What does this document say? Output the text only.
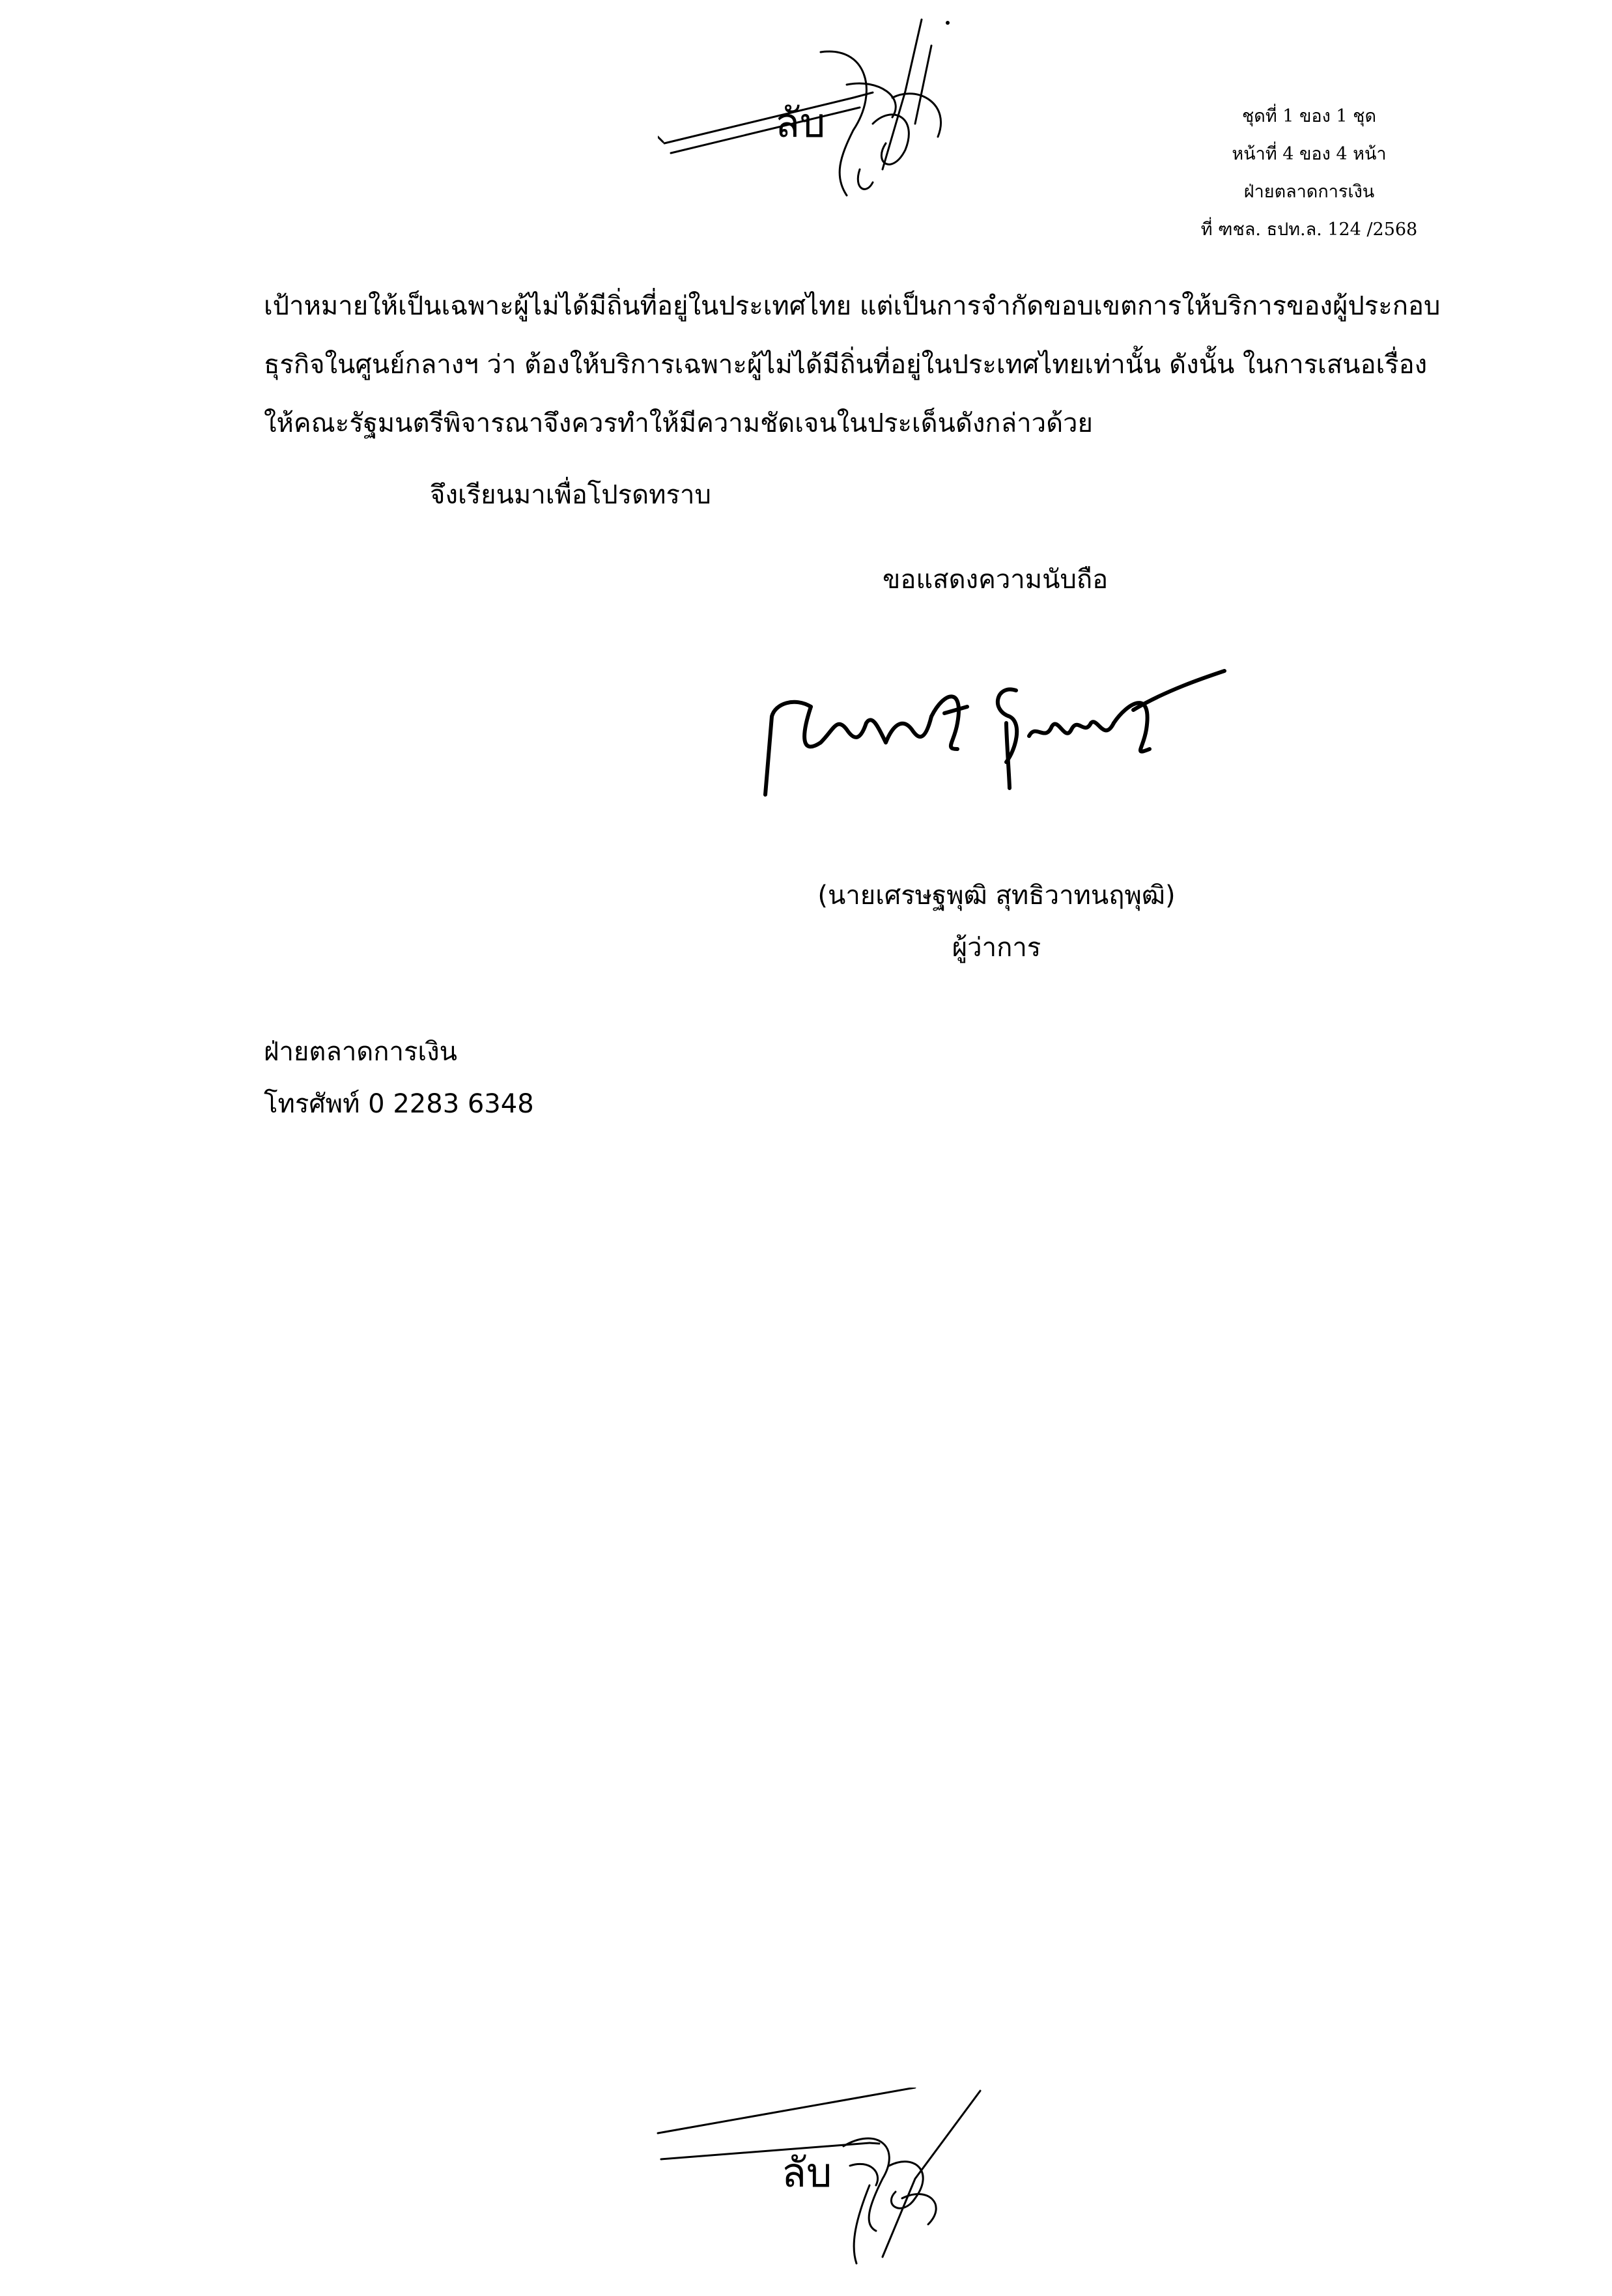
ลับ	ชุดที่ 1 ของ 1 ชุด
หน้าที่ 4 ของ 4 หน้า
ฝ่ายตลาดการเงิน
ที่ ฑชล. ธปท.ล. 124 /2568
เป้าหมายให้เป็นเฉพาะผู้ไม่ได้มีถิ่นที่อยู่ในประเทศไทย แต่เป็นการจำกัดขอบเขตการให้บริการของผู้ประกอบ
ธุรกิจในศูนย์กลางฯ ว่า ต้องให้บริการเฉพาะผู้ไม่ได้มีถิ่นที่อยู่ในประเทศไทยเท่านั้น ดังนั้น ในการเสนอเรื่อง
ให้คณะรัฐมนตรีพิจารณาจึงควรทำให้มีความชัดเจนในประเด็นดังกล่าวด้วย
จึงเรียนมาเพื่อโปรดทราบ
ขอแสดงความนับถือ
(นายเศรษฐพุฒิ สุทธิวาทนฤพุฒิ)
ผู้ว่าการ
ฝ่ายตลาดการเงิน
โทรศัพท์ 0 2283 6348
ลับ
